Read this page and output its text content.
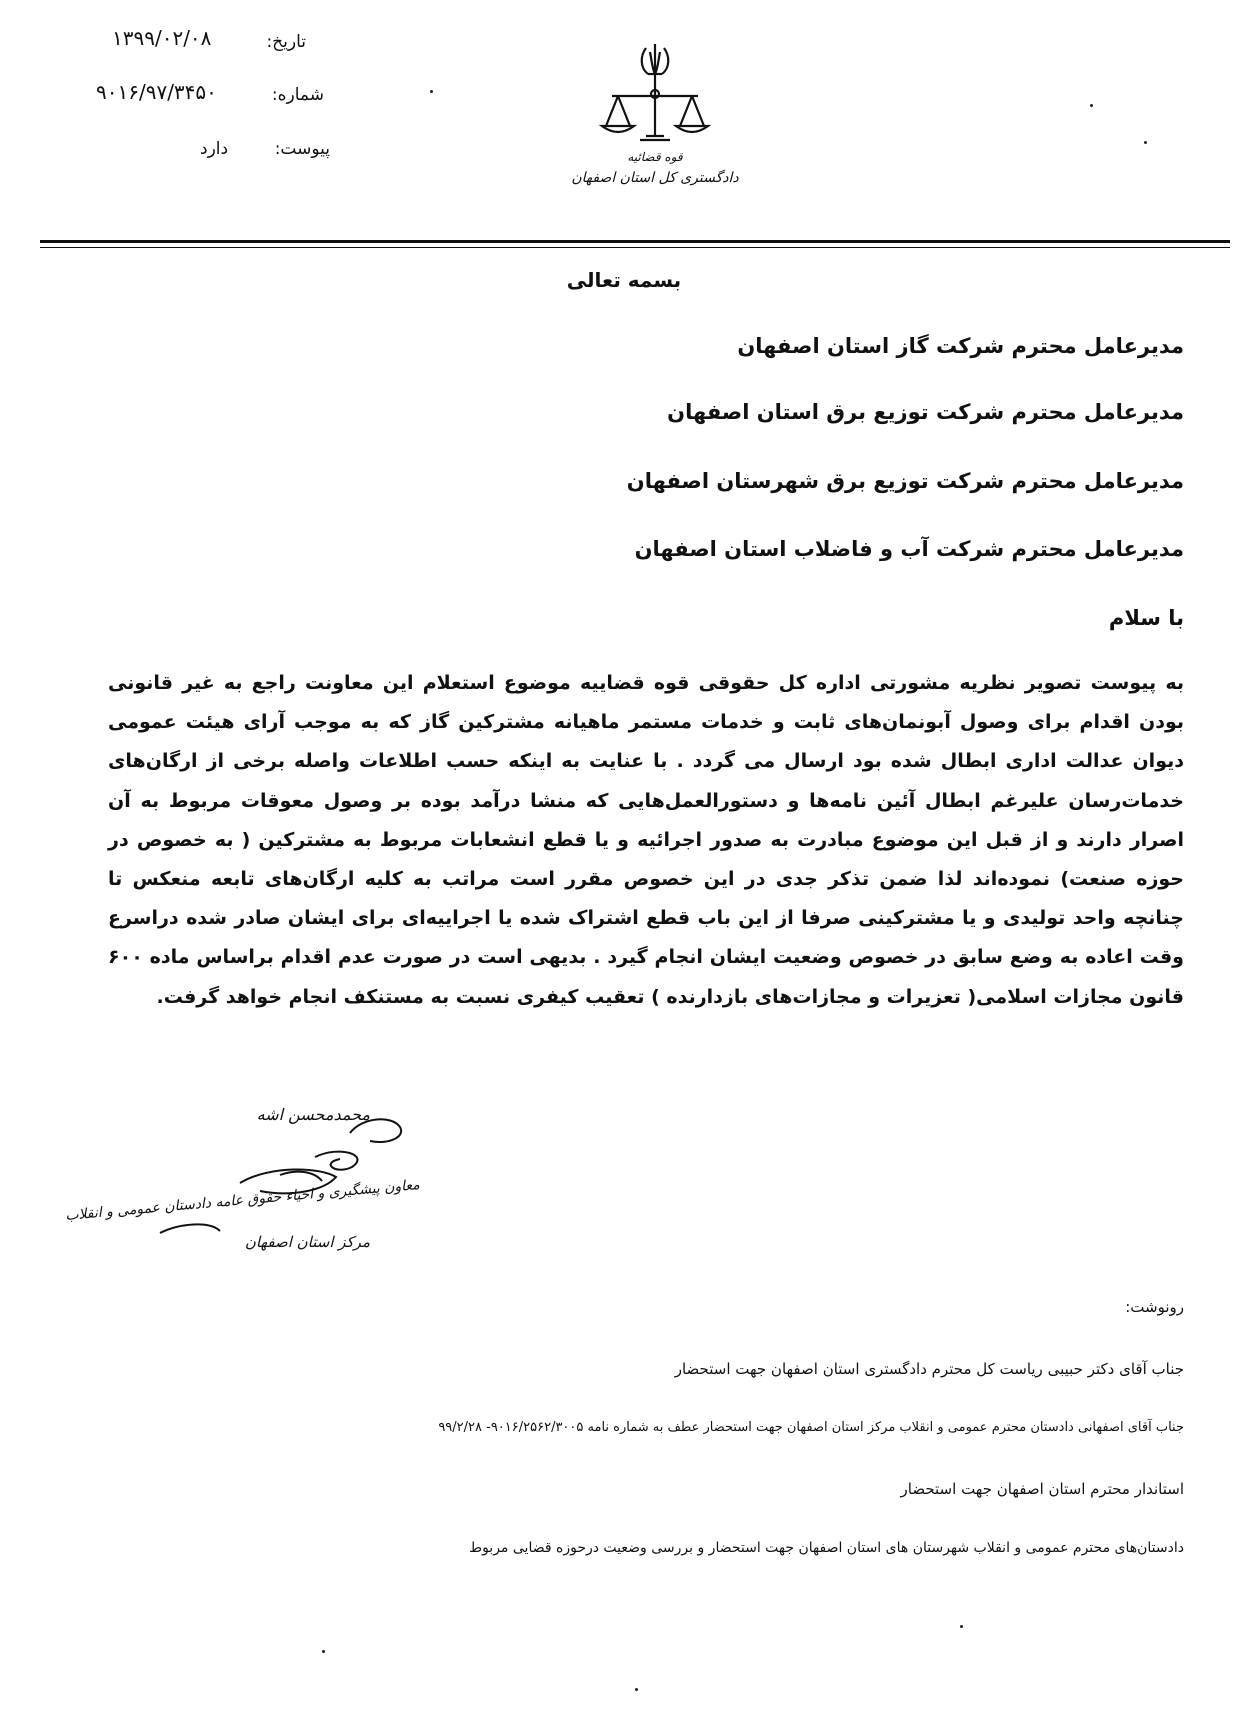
تاریخ:
۱۳۹۹/۰۲/۰۸
شماره:
۹۰۱۶/۹۷/۳۴۵۰
پیوست:
دارد	قوه قضائیه
دادگستری کل استان اصفهان
بسمه تعالی
مدیرعامل محترم شرکت گاز استان اصفهان
مدیرعامل محترم شرکت توزیع برق استان اصفهان
مدیرعامل محترم شرکت توزیع برق شهرستان اصفهان
مدیرعامل محترم شرکت آب و فاضلاب استان اصفهان
با سلام
به پیوست تصویر نظریه مشورتی اداره کل حقوقی قوه قضاییه موضوع استعلام این معاونت راجع به غیر قانونی بودن اقدام برای وصول آبونمان‌های ثابت و خدمات مستمر ماهیانه مشترکین گاز که به موجب آرای هیئت عمومی دیوان عدالت اداری ابطال شده بود ارسال می گردد . با عنایت به اینکه حسب اطلاعات واصله برخی از ارگان‌های خدمات‌رسان علیرغم ابطال آئین نامه‌ها و دستورالعمل‌هایی که منشا درآمد بوده بر وصول معوقات مربوط به آن اصرار دارند و از قبل این موضوع مبادرت به صدور اجرائیه و یا قطع انشعابات مربوط به مشترکین ( به خصوص در حوزه صنعت) نموده‌اند لذا ضمن تذکر جدی در این خصوص مقرر است مراتب به کلیه ارگان‌های تابعه منعکس تا چنانچه واحد تولیدی و یا مشترکینی صرفا از این باب قطع اشتراک شده یا اجراییه‌ای برای ایشان صادر شده دراسرع وقت اعاده به وضع سابق در خصوص وضعیت ایشان انجام گیرد . بدیهی است در صورت عدم اقدام براساس ماده ۶۰۰ قانون مجازات اسلامی( تعزیرات و مجازات‌های بازدارنده ) تعقیب کیفری نسبت به مستنکف انجام خواهد گرفت.
محمدمحسن اشه
معاون پیشگیری و احیاء حقوق عامه دادستان عمومی و انقلاب
مرکز استان اصفهان
رونوشت:
جناب آقای دکتر حبیبی ریاست کل محترم دادگستری استان اصفهان جهت استحضار
جناب آقای اصفهانی دادستان محترم عمومی و انقلاب مرکز استان اصفهان جهت استحضار عطف به شماره نامه ۹۰۱۶/۲۵۶۲/۳۰۰۵- ۹۹/۲/۲۸
استاندار محترم استان اصفهان جهت استحضار
دادستان‌های محترم عمومی و انقلاب شهرستان های استان اصفهان جهت استحضار و بررسی وضعیت درحوزه قضایی مربوط
